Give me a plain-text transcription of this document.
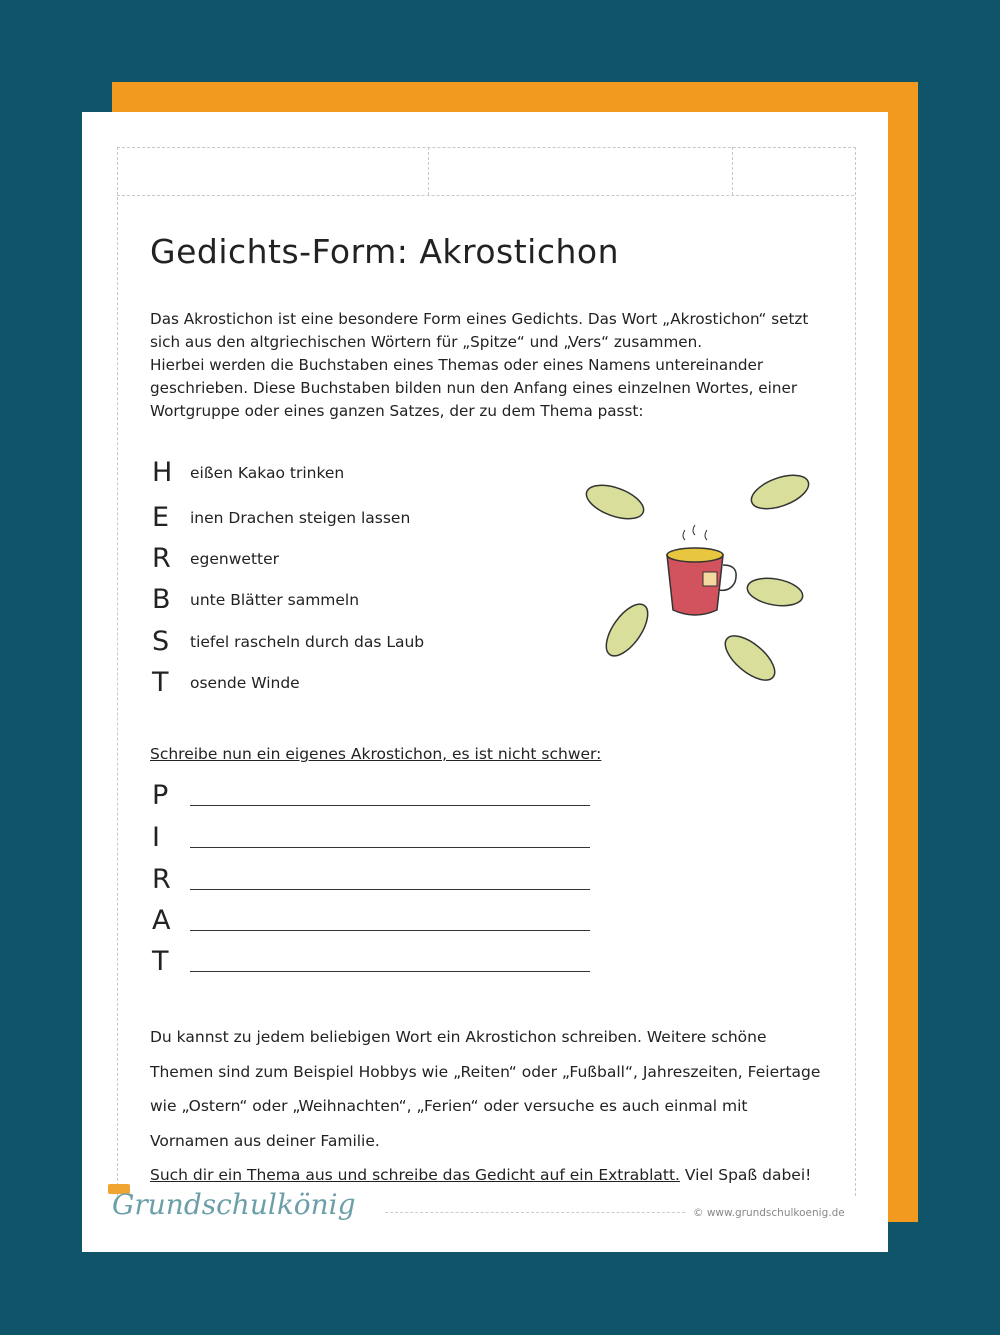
Gedichts-Form: Akrostichon
Das Akrostichon ist eine besondere Form eines Gedichts. Das Wort „Akrostichon“ setzt
sich aus den altgriechischen Wörtern für „Spitze“ und „Vers“ zusammen.
Hierbei werden die Buchstaben eines Themas oder eines Namens untereinander
geschrieben. Diese Buchstaben bilden nun den Anfang eines einzelnen Wortes, einer
Wortgruppe oder eines ganzen Satzes, der zu dem Thema passt:
H	eißen Kakao trinken
E	inen Drachen steigen lassen
R	egenwetter
B	unte Blätter sammeln
S	tiefel rascheln durch das Laub
T	osende Winde
Schreibe nun ein eigenes Akrostichon, es ist nicht schwer:
P
I
R
A
T
Du kannst zu jedem beliebigen Wort ein Akrostichon schreiben. Weitere schöne
Themen sind zum Beispiel Hobbys wie „Reiten“ oder „Fußball“, Jahreszeiten, Feiertage
wie „Ostern“ oder „Weihnachten“, „Ferien“ oder versuche es auch einmal mit
Vornamen aus deiner Familie.
Such dir ein Thema aus und schreibe das Gedicht auf ein Extrablatt. Viel Spaß dabei!
Grundschulkönig	© www.grundschulkoenig.de
